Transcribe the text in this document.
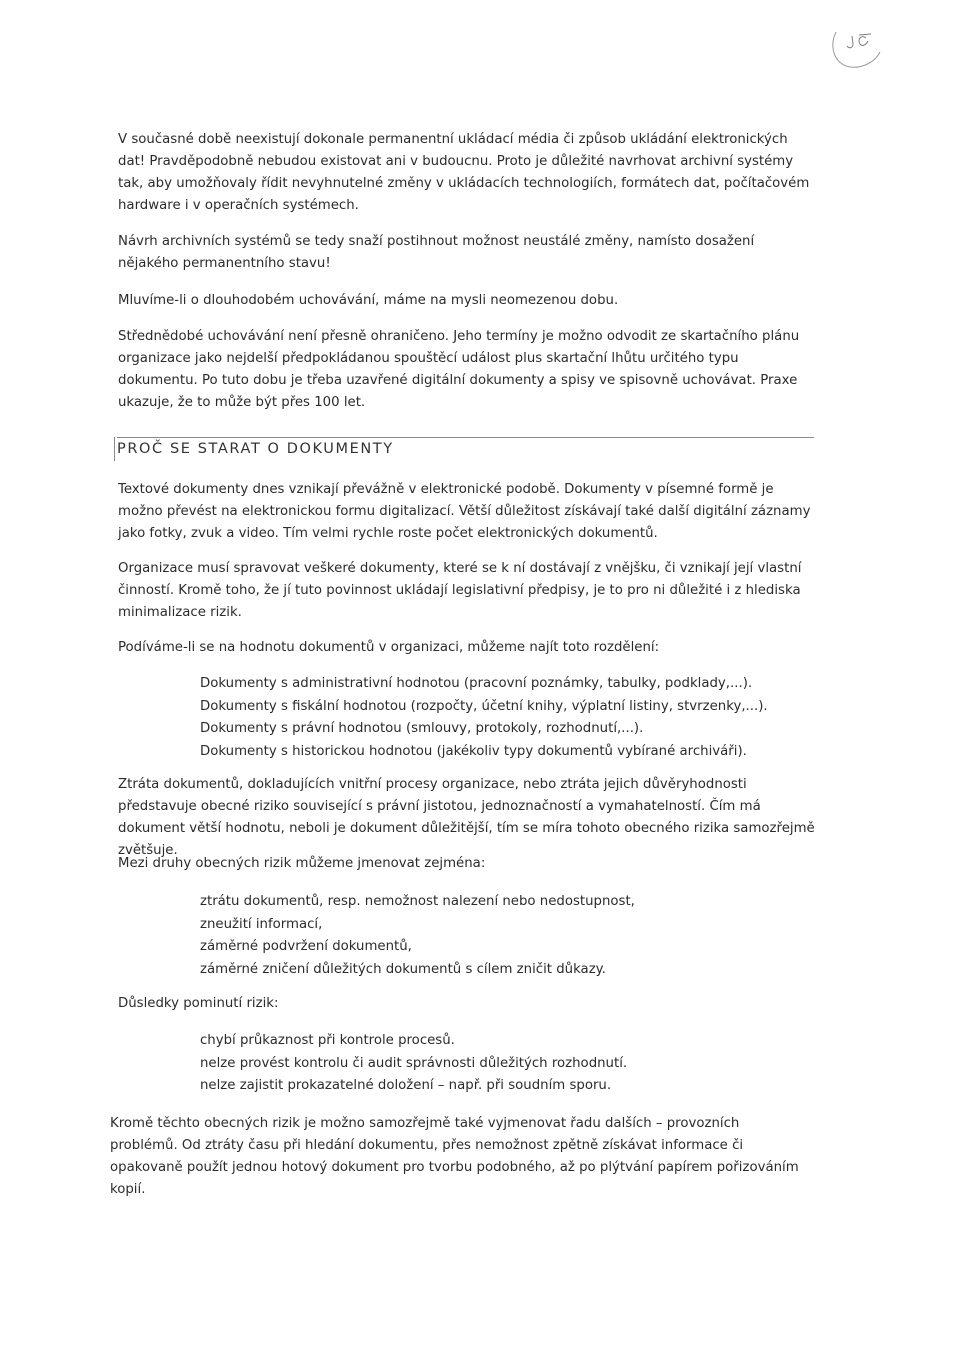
V současné době neexistují dokonale permanentní ukládací média či způsob ukládání elektronických dat! Pravděpodobně nebudou existovat ani v budoucnu. Proto je důležité navrhovat archivní systémy tak, aby umožňovaly řídit nevyhnutelné změny v ukládacích technologiích, formátech dat, počítačovém hardware i v operačních systémech.

Návrh archivních systémů se tedy snaží postihnout možnost neustálé změny, namísto dosažení nějakého permanentního stavu!

Mluvíme-li o dlouhodobém uchovávání, máme na mysli neomezenou dobu.

Střednědobé uchovávání není přesně ohraničeno. Jeho termíny je možno odvodit ze skartačního plánu organizace jako nejdelší předpokládanou spouštěcí událost plus skartační lhůtu určitého typu dokumentu. Po tuto dobu je třeba uzavřené digitální dokumenty a spisy ve spisovně uchovávat. Praxe ukazuje, že to může být přes 100 let.

PROČ SE STARAT O DOKUMENTY

Textové dokumenty dnes vznikají převážně v elektronické podobě. Dokumenty v písemné formě je možno převést na elektronickou formu digitalizací. Větší důležitost získávají také další digitální záznamy jako fotky, zvuk a video. Tím velmi rychle roste počet elektronických dokumentů.

Organizace musí spravovat veškeré dokumenty, které se k ní dostávají z vnějšku, či vznikají její vlastní činností. Kromě toho, že jí tuto povinnost ukládají legislativní předpisy, je to pro ni důležité i z hlediska minimalizace rizik.

Podíváme-li se na hodnotu dokumentů v organizaci, můžeme najít toto rozdělení:

Dokumenty s administrativní hodnotou (pracovní poznámky, tabulky, podklady,...).
Dokumenty s fiskální hodnotou (rozpočty, účetní knihy, výplatní listiny, stvrzenky,...).
Dokumenty s právní hodnotou (smlouvy, protokoly, rozhodnutí,...).
Dokumenty s historickou hodnotou (jakékoliv typy dokumentů vybírané archiváři).

Ztráta dokumentů, dokladujících vnitřní procesy organizace, nebo ztráta jejich důvěryhodnosti představuje obecné riziko související s právní jistotou, jednoznačností a vymahatelností. Čím má dokument větší hodnotu, neboli je dokument důležitější, tím se míra tohoto obecného rizika samozřejmě zvětšuje.

Mezi druhy obecných rizik můžeme jmenovat zejména:

ztrátu dokumentů, resp. nemožnost nalezení nebo nedostupnost,
zneužití informací,
záměrné podvržení dokumentů,
záměrné zničení důležitých dokumentů s cílem zničit důkazy.

Důsledky pominutí rizik:

chybí průkaznost při kontrole procesů.
nelze provést kontrolu či audit správnosti důležitých rozhodnutí.
nelze zajistit prokazatelné doložení – např. při soudním sporu.

Kromě těchto obecných rizik je možno samozřejmě také vyjmenovat řadu dalších – provozních problémů. Od ztráty času při hledání dokumentu, přes nemožnost zpětně získávat informace či opakovaně použít jednou hotový dokument pro tvorbu podobného, až po plýtvání papírem pořizováním kopií.
